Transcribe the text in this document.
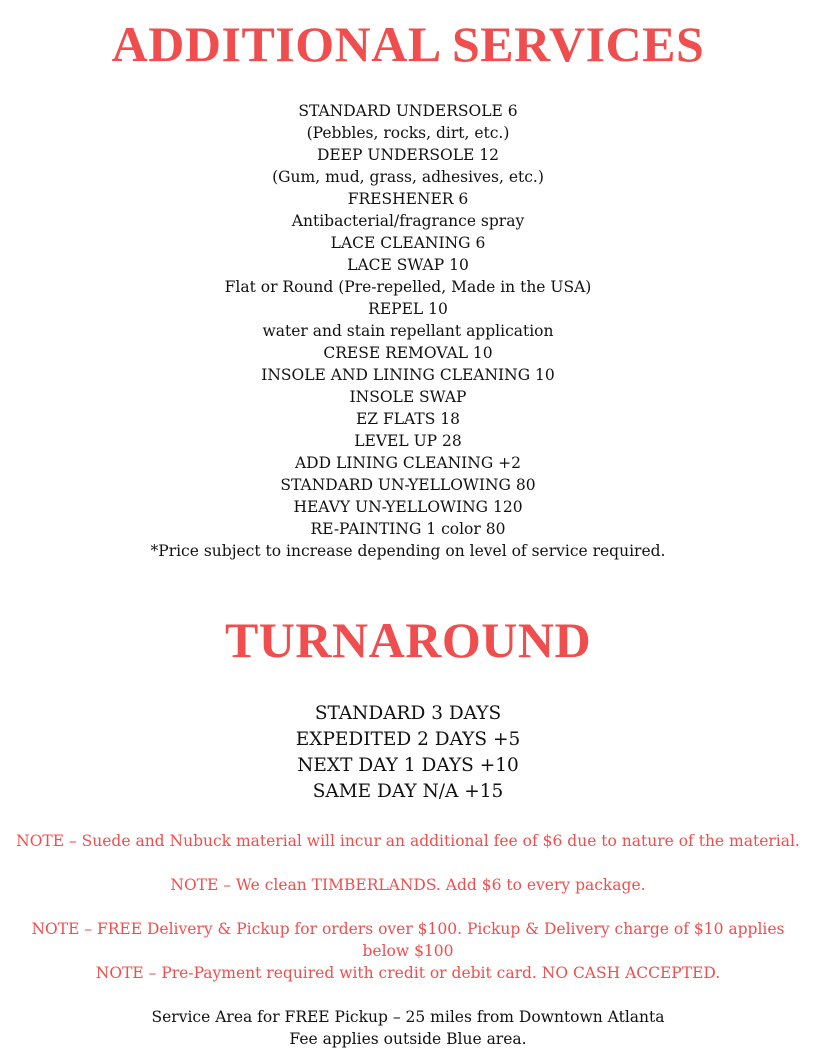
ADDITIONAL SERVICES
STANDARD UNDERSOLE 6
(Pebbles, rocks, dirt, etc.)
DEEP UNDERSOLE 12
(Gum, mud, grass, adhesives, etc.)
FRESHENER 6
Antibacterial/fragrance spray
LACE CLEANING 6
LACE SWAP 10
Flat or Round (Pre-repelled, Made in the USA)
REPEL 10
water and stain repellant application
CRESE REMOVAL 10
INSOLE AND LINING CLEANING 10
INSOLE SWAP
EZ FLATS 18
LEVEL UP 28
ADD LINING CLEANING +2
STANDARD UN-YELLOWING 80
HEAVY UN-YELLOWING 120
RE-PAINTING 1 color 80
*Price subject to increase depending on level of service required.
TURNAROUND
STANDARD 3 DAYS
EXPEDITED 2 DAYS +5
NEXT DAY 1 DAYS +10
SAME DAY N/A +15

NOTE – Suede and Nubuck material will incur an additional fee of $6 due to nature of the material.

NOTE – We clean TIMBERLANDS. Add $6 to every package.

NOTE – FREE Delivery & Pickup for orders over $100. Pickup & Delivery charge of $10 applies below $100

NOTE – Pre-Payment required with credit or debit card. NO CASH ACCEPTED.

Service Area for FREE Pickup – 25 miles from Downtown Atlanta

Fee applies outside Blue area.
